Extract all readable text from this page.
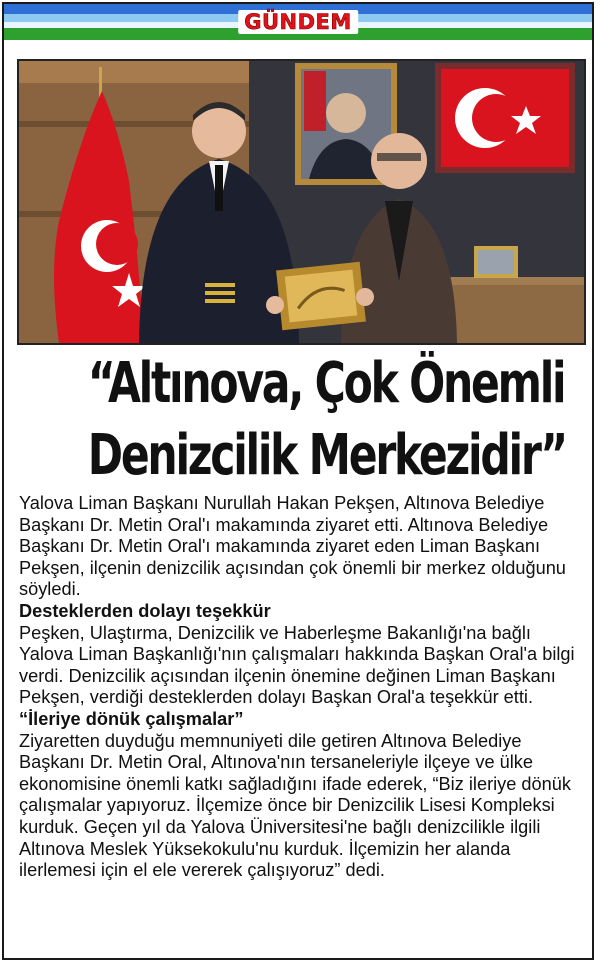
GÜNDEM
“Altınova, Çok Önemli
Denizcilik Merkezidir”

Yalova Liman Başkanı Nurullah Hakan Pekşen, Altınova Belediye Başkanı Dr. Metin Oral'ı makamında ziyaret etti. Altınova Belediye Başkanı Dr. Metin Oral'ı makamında ziyaret eden Liman Başkanı Pekşen, ilçenin denizcilik açısından çok önemli bir merkez olduğunu söyledi.

Desteklerden dolayı teşekkür

Peşken, Ulaştırma, Denizcilik ve Haberleşme Bakanlığı'na bağlı Yalova Liman Başkanlığı'nın çalışmaları hakkında Başkan Oral'a bilgi verdi. Denizcilik açısından ilçenin önemine değinen Liman Başkanı Pekşen, verdiği desteklerden dolayı Başkan Oral'a teşekkür etti.

“İleriye dönük çalışmalar”

Ziyaretten duyduğu memnuniyeti dile getiren Altınova Belediye Başkanı Dr. Metin Oral, Altınova'nın tersaneleriyle ilçeye ve ülke ekonomisine önemli katkı sağladığını ifade ederek, “Biz ileriye dönük çalışmalar yapıyoruz. İlçemize önce bir Denizcilik Lisesi Kompleksi kurduk. Geçen yıl da Yalova Üniversitesi'ne bağlı denizcilikle ilgili Altınova Meslek Yüksekokulu'nu kurduk. İlçemizin her alanda ilerlemesi için el ele vererek çalışıyoruz” dedi.
